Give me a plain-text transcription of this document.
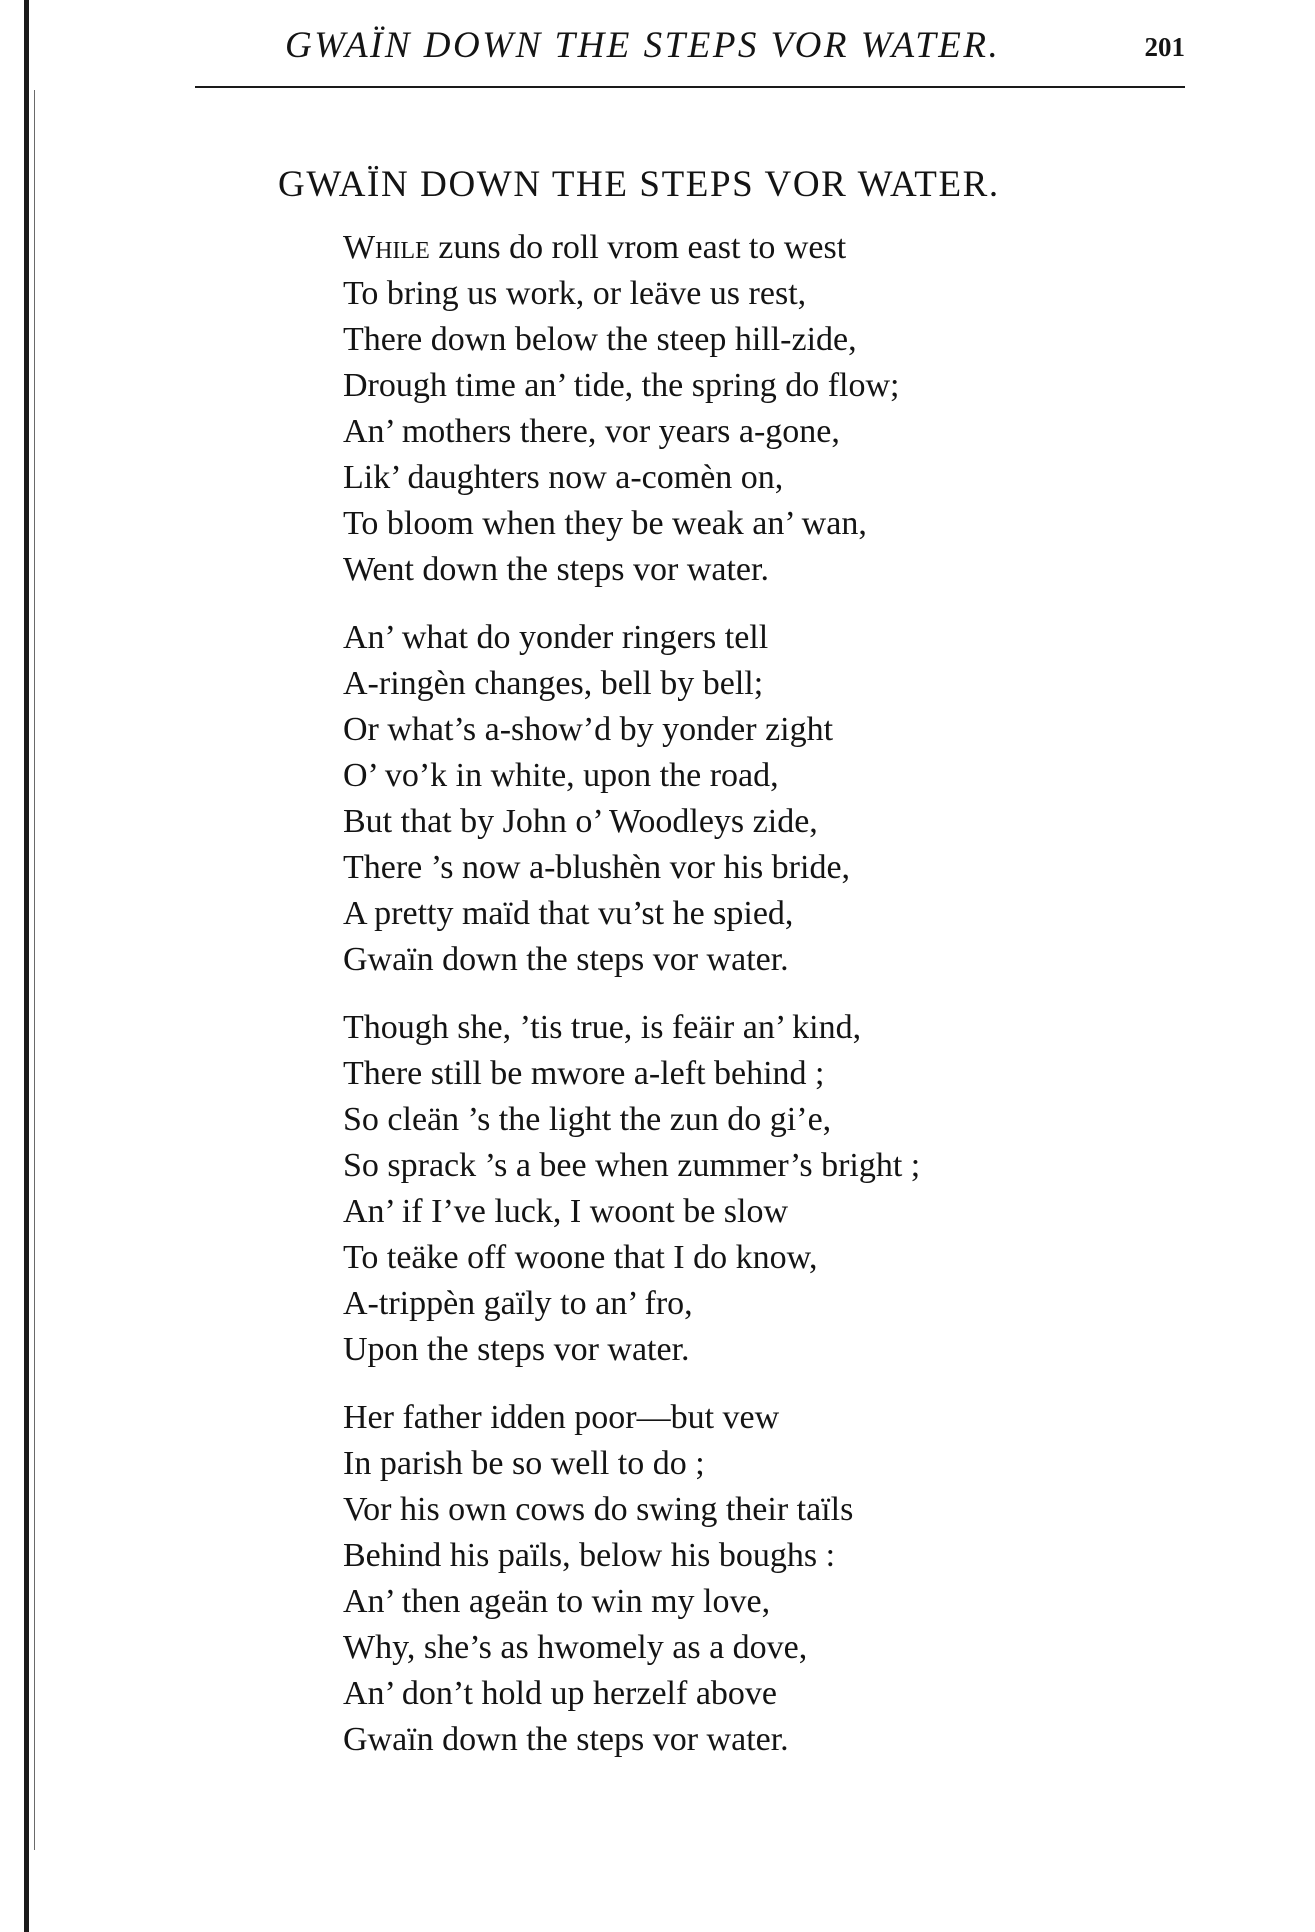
GWAÏN DOWN THE STEPS VOR WATER.	201
GWAÏN DOWN THE STEPS VOR WATER.
While zuns do roll vrom east to west
To bring us work, or leäve us rest,
There down below the steep hill-zide,
Drough time an’ tide, the spring do flow;
An’ mothers there, vor years a-gone,
Lik’ daughters now a-comèn on,
To bloom when they be weak an’ wan,
Went down the steps vor water.
An’ what do yonder ringers tell
A-ringèn changes, bell by bell;
Or what’s a-show’d by yonder zight
O’ vo’k in white, upon the road,
But that by John o’ Woodleys zide,
There ’s now a-blushèn vor his bride,
A pretty maïd that vu’st he spied,
Gwaïn down the steps vor water.
Though she, ’tis true, is feäir an’ kind,
There still be mwore a-left behind ;
So cleän ’s the light the zun do gi’e,
So sprack ’s a bee when zummer’s bright ;
An’ if I’ve luck, I woont be slow
To teäke off woone that I do know,
A-trippèn gaïly to an’ fro,
Upon the steps vor water.
Her father idden poor—but vew
In parish be so well to do ;
Vor his own cows do swing their taïls
Behind his païls, below his boughs :
An’ then ageän to win my love,
Why, she’s as hwomely as a dove,
An’ don’t hold up herzelf above
Gwaïn down the steps vor water.
